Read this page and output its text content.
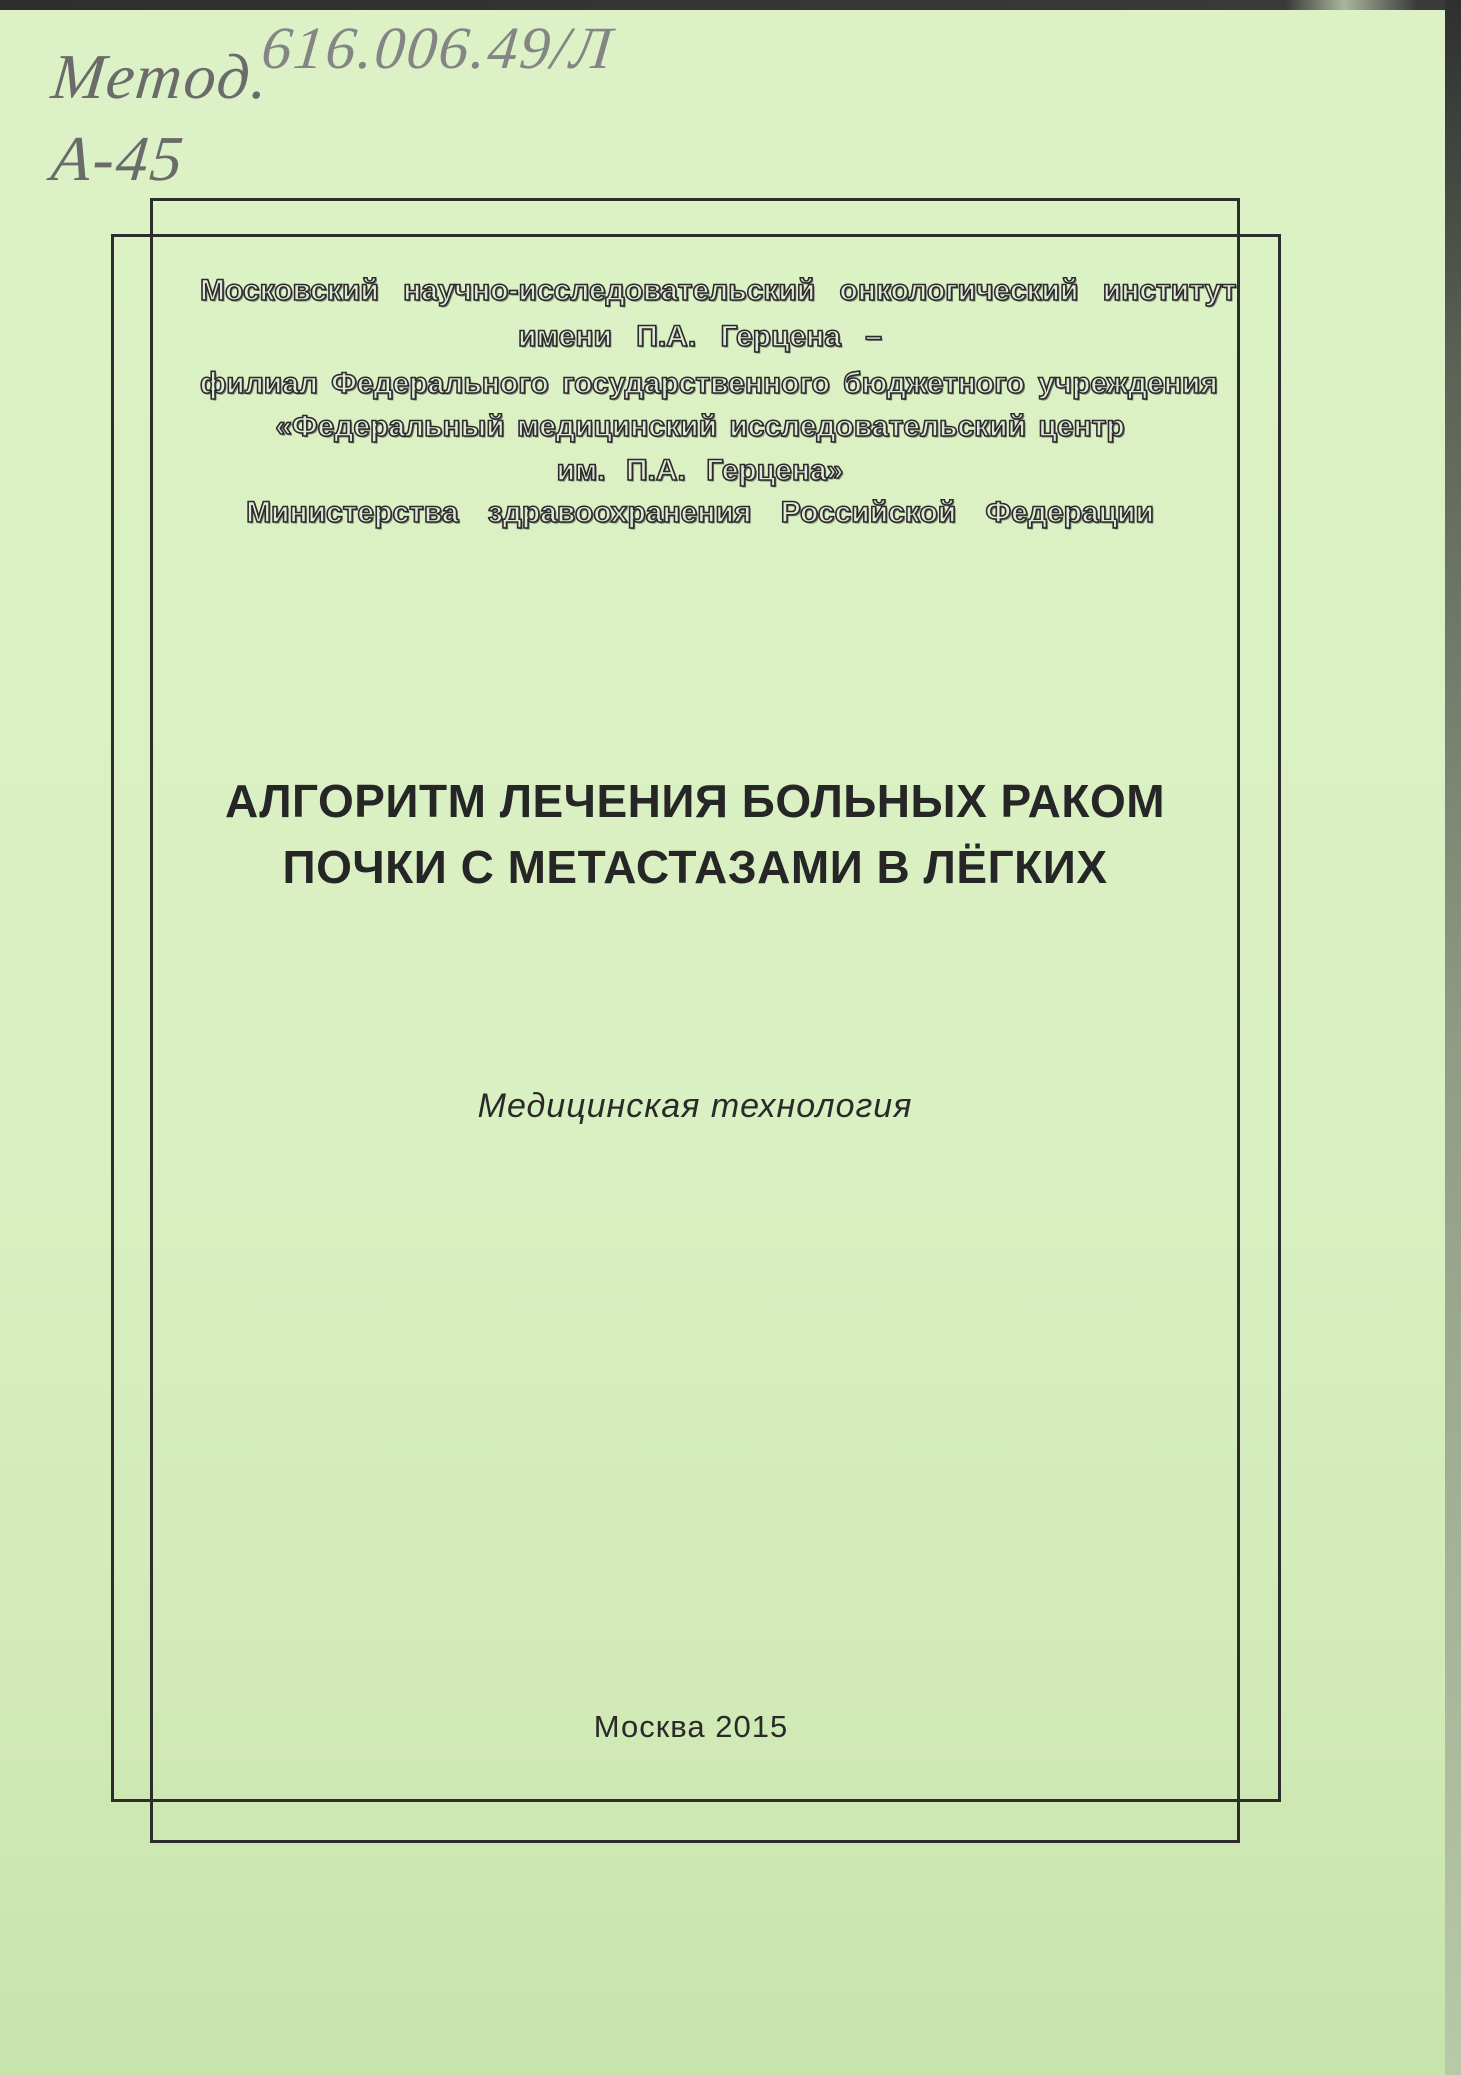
Метод.
616.006.49/Л
А-45
Московский научно-исследовательский онкологический институт
имени П.А. Герцена –
филиал Федерального государственного бюджетного учреждения
«Федеральный медицинский исследовательский центр
им. П.А. Герцена»
Министерства здравоохранения Российской Федерации
АЛГОРИТМ ЛЕЧЕНИЯ БОЛЬНЫХ РАКОМ
ПОЧКИ С МЕТАСТАЗАМИ В ЛЁГКИХ
Медицинская технология
Москва 2015
